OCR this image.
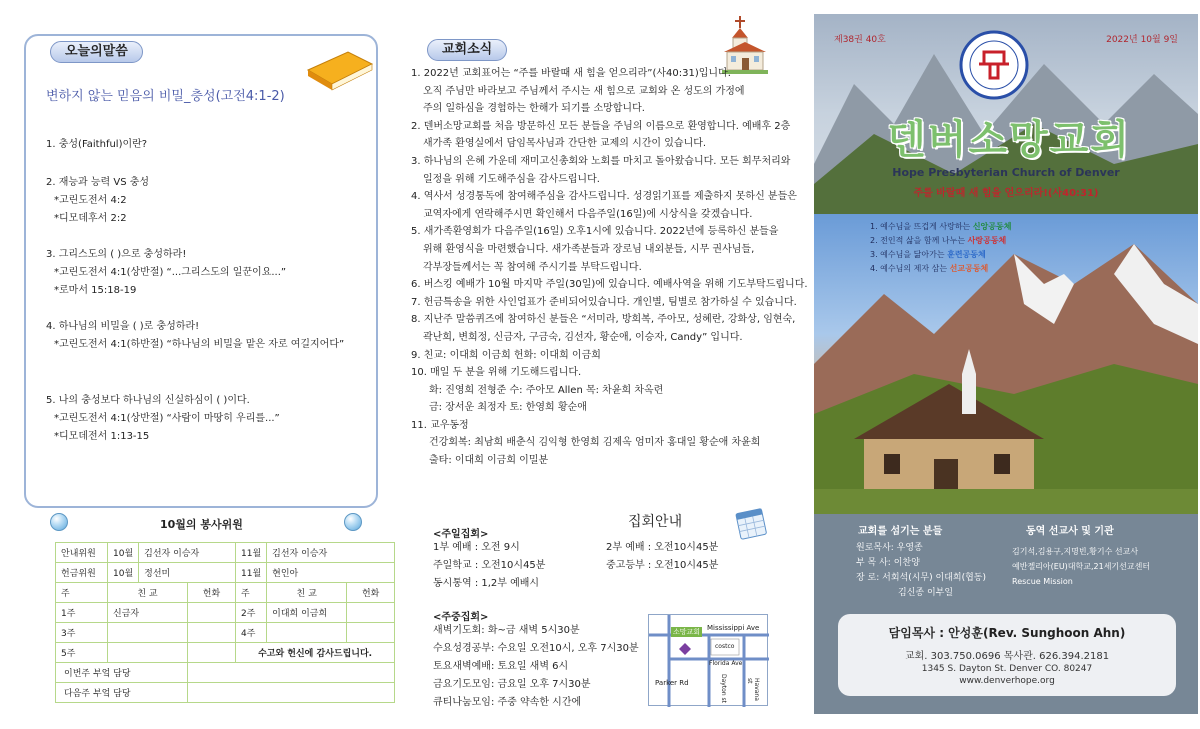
오늘의말씀
변하지 않는 믿음의 비밀_충성(고전4:1-2)
1. 충성(Faithful)이란?
2. 재능과 능력 VS 충성
*고린도전서 4:2
*디모데후서 2:2
3. 그리스도의 ( )으로 충성하라!
*고린도전서 4:1(상반절) “...그리스도의 일꾼이요...”
*로마서 15:18-19
4. 하나님의 비밀을 ( )로 충성하라!
*고린도전서 4:1(하반절) “하나님의 비밀을 맡은 자로 여길지어다”
5. 나의 충성보다 하나님의 신실하심이 ( )이다.
*고린도전서 4:1(상반절) “사람이 마땅히 우리를...”
*디모데전서 1:13-15
10월의 봉사위원
안내위원	10월	김선자 이승자		11월	김선자 이승자	
헌금위원	10월	정선미		11월	현인아	
주	친 교		헌화	주	친 교	헌화
1주	신금자			2주	이대희 이금희	
3주				4주		
5주				수고와 헌신에 감사드립니다.		
이번주 부엌 담당						
다음주 부엌 담당						
교회소식
1. 2022년 교회표어는 “주를 바랄때 새 힘을 얻으리라”(사40:31)입니다.
오직 주님만 바라보고 주님께서 주시는 새 힘으로 교회와 온 성도의 가정에
주의 일하심을 경험하는 한해가 되기를 소망합니다.
2. 덴버소망교회를 처음 방문하신 모든 분들을 주님의 이름으로 환영합니다. 예배후 2층
새가족 환영실에서 담임목사님과 간단한 교제의 시간이 있습니다.
3. 하나님의 은혜 가운데 재미고신총회와 노회를 마치고 돌아왔습니다. 모든 회무처리와
일정을 위해 기도해주심을 감사드립니다.
4. 역사서 성경통독에 참여해주심을 감사드립니다. 성경읽기표를 제출하지 못하신 분들은
교역자에게 연락해주시면 확인해서 다음주일(16일)에 시상식을 갖겠습니다.
5. 새가족환영회가 다음주일(16일) 오후1시에 있습니다. 2022년에 등록하신 분들을
위해 환영식을 마련했습니다. 새가족분들과 장로님 내외분들, 시무 권사님들,
각부장들께서는 꼭 참여해 주시기를 부탁드립니다.
6. 버스킹 예배가 10월 마지막 주일(30일)에 있습니다. 예배사역을 위해 기도부탁드립니다.
7. 헌금특송을 위한 사인업표가 준비되어있습니다. 개인별, 팀별로 참가하실 수 있습니다.
8. 지난주 말씀퀴즈에 참여하신 분들은 “서미라, 방희복, 주아모, 성혜란, 강화상, 임현숙,
곽난희, 변희정, 신금자, 구금숙, 김선자, 황순애, 이승자, Candy” 입니다.
9. 친교: 이대희 이금희 헌화: 이대희 이금희
10. 매일 두 분을 위해 기도해드립니다.
화: 진영희 전형준 수: 주아모 Allen 목: 차윤희 차옥련
금: 장서운 최정자 토: 한영희 황순애
11. 교우동정
건강회복: 최남희 배춘식 김익형 한영희 김제옥 엄미자 홍대일 황순애 차윤희
출타: 이대희 이금희 이밀분
집회안내
<주일집회>
1부 예배 : 오전 9시
주일학교 : 오전10시45분
동시통역 : 1,2부 예배시
2부 예배 : 오전10시45분
중고등부 : 오전10시45분
<주중집회>
새벽기도회: 화~금 새벽 5시30분
수요성경공부: 수요일 오전10시, 오후 7시30분
토요새벽예배: 토요일 새벽 6시
금요기도모임: 금요일 오후 7시30분
큐티나눔모임: 주중 약속한 시간에
소망교회 Mississippi Ave
costco
Florida Ave
Parker Rd	Dayton st	Havana st
제38권 40호	2022년 10월 9일
덴버소망교회
Hope Presbyterian Church of Denver
주를 바랄때 새 힘을 얻으리라!(사40:31)
1. 예수님을 뜨겁게 사랑하는 신앙공동체
2. 전인적 삶을 함께 나누는 사랑공동체
3. 예수님을 닮아가는 훈련공동체
4. 예수님의 제자 삼는 선교공동체
교회를 섬기는 분들
원로목사: 우영종
부 목 사: 이찬양
장 로: 서회석(시무) 이대희(협동)
김신종 이부일
동역 선교사 및 기관
김기석,김용구,지명빈,황기수 선교사
예반젤리아(EU)대학교,21세기선교센터
Rescue Mission
담임목사 : 안성훈(Rev. Sunghoon Ahn)
교회. 303.750.0696 목사관. 626.394.2181
1345 S. Dayton St. Denver CO. 80247
www.denverhope.org
